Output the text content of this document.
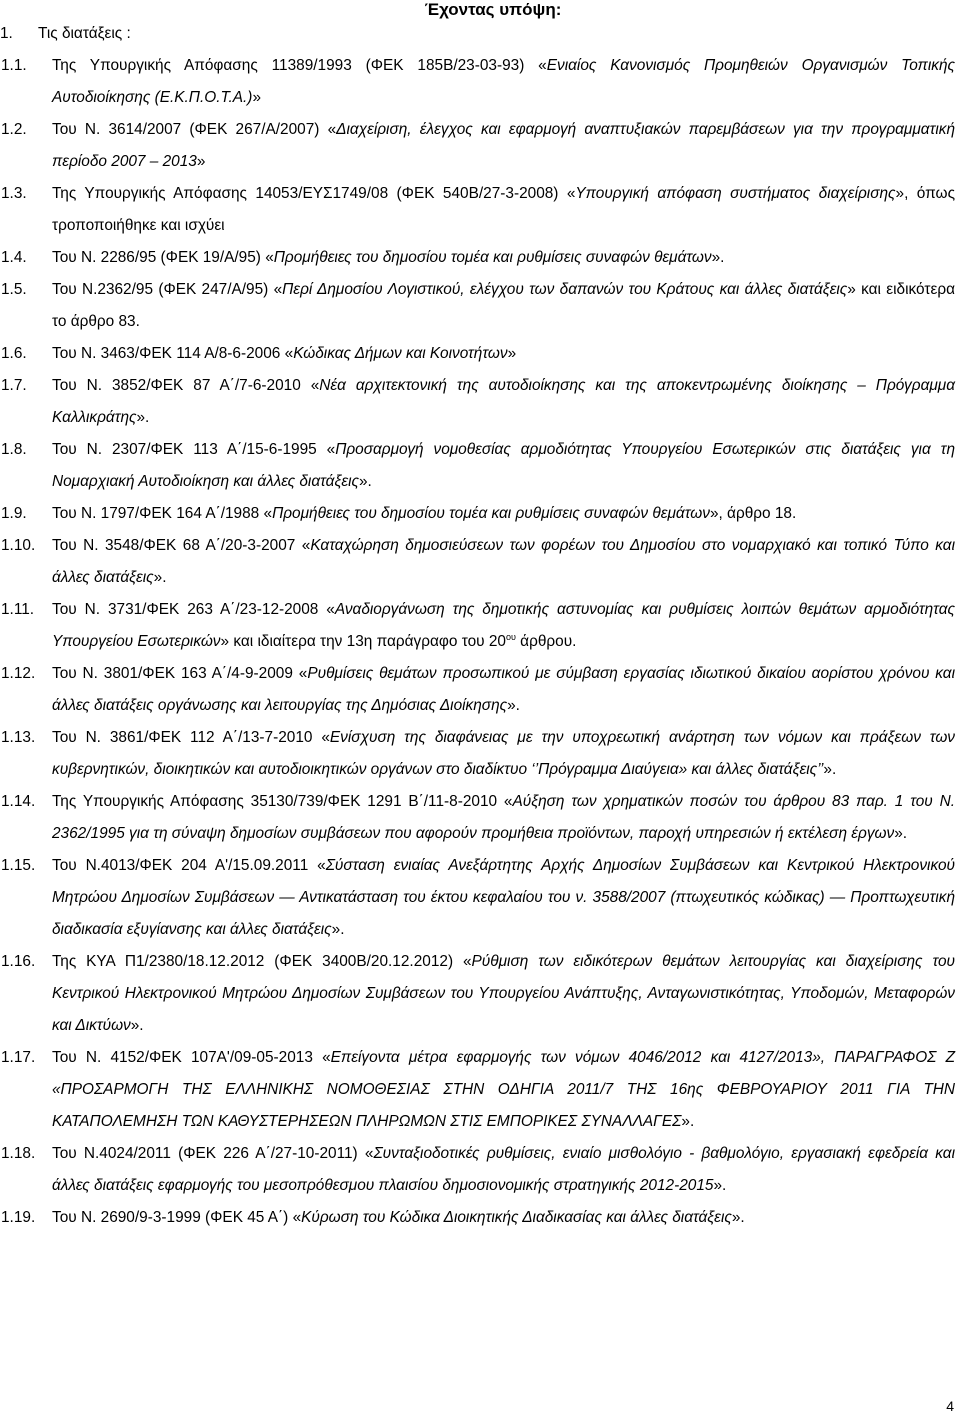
Έχοντας υπόψη:
1. Τις διατάξεις :
1.1. Της Υπουργικής Απόφασης 11389/1993 (ΦΕΚ 185Β/23-03-93) «Ενιαίος Κανονισμός Προμηθειών Οργανισμών Τοπικής Αυτοδιοίκησης (Ε.Κ.Π.Ο.Τ.Α.)»
1.2. Του Ν. 3614/2007 (ΦΕΚ 267/Α/2007) «Διαχείριση, έλεγχος και εφαρμογή αναπτυξιακών παρεμβάσεων για την προγραμματική περίοδο 2007 – 2013»
1.3. Της Υπουργικής Απόφασης 14053/ΕΥΣ1749/08 (ΦΕΚ 540Β/27-3-2008) «Υπουργική απόφαση συστήματος διαχείρισης», όπως τροποποιήθηκε και ισχύει
1.4. Του Ν. 2286/95 (ΦΕΚ 19/Α/95) «Προμήθειες του δημοσίου τομέα και ρυθμίσεις συναφών θεμάτων».
1.5. Του Ν.2362/95 (ΦΕΚ 247/Α/95) «Περί Δημοσίου Λογιστικού, ελέγχου των δαπανών του Κράτους και άλλες διατάξεις» και ειδικότερα το άρθρο 83.
1.6. Του Ν. 3463/ΦΕΚ 114 Α/8-6-2006 «Κώδικας Δήμων και Κοινοτήτων»
1.7. Του Ν. 3852/ΦΕΚ 87 Α΄/7-6-2010 «Νέα αρχιτεκτονική της αυτοδιοίκησης και της αποκεντρωμένης διοίκησης – Πρόγραμμα Καλλικράτης».
1.8. Του Ν. 2307/ΦΕΚ 113 Α΄/15-6-1995 «Προσαρμογή νομοθεσίας αρμοδιότητας Υπουργείου Εσωτερικών στις διατάξεις για τη Νομαρχιακή Αυτοδιοίκηση και άλλες διατάξεις».
1.9. Του Ν. 1797/ΦΕΚ 164 Α΄/1988 «Προμήθειες του δημοσίου τομέα και ρυθμίσεις συναφών θεμάτων», άρθρο 18.
1.10. Του Ν. 3548/ΦΕΚ 68 Α΄/20-3-2007 «Καταχώρηση δημοσιεύσεων των φορέων του Δημοσίου στο νομαρχιακό και τοπικό Τύπο και άλλες διατάξεις».
1.11. Του Ν. 3731/ΦΕΚ 263 Α΄/23-12-2008 «Αναδιοργάνωση της δημοτικής αστυνομίας και ρυθμίσεις λοιπών θεμάτων αρμοδιότητας Υπουργείου Εσωτερικών» και ιδιαίτερα την 13η παράγραφο του $20^{o\upsilon}$ άρθρου.
1.12. Του Ν. 3801/ΦΕΚ 163 Α΄/4-9-2009 «Ρυθμίσεις θεμάτων προσωπικού με σύμβαση εργασίας ιδιωτικού δικαίου αορίστου χρόνου και άλλες διατάξεις οργάνωσης και λειτουργίας της Δημόσιας Διοίκησης».
1.13. Του Ν. 3861/ΦΕΚ 112 Α΄/13-7-2010 «Ενίσχυση της διαφάνειας με την υποχρεωτική ανάρτηση των νόμων και πράξεων των κυβερνητικών, διοικητικών και αυτοδιοικητικών οργάνων στο διαδίκτυο ‘’Πρόγραμμα Διαύγεια» και άλλες διατάξεις’’».
1.14. Της Υπουργικής Απόφασης 35130/739/ΦΕΚ 1291 Β΄/11-8-2010 «Αύξηση των χρηματικών ποσών του άρθρου 83 παρ. 1 του Ν. 2362/1995 για τη σύναψη δημοσίων συμβάσεων που αφορούν προμήθεια προϊόντων, παροχή υπηρεσιών ή εκτέλεση έργων».
1.15. Του Ν.4013/ΦΕΚ 204 Α'/15.09.2011 «Σύσταση ενιαίας Ανεξάρτητης Αρχής Δημοσίων Συμβάσεων και Κεντρικού Ηλεκτρονικού Μητρώου Δημοσίων Συμβάσεων — Αντικατάσταση του έκτου κεφαλαίου του ν. 3588/2007 (πτωχευτικός κώδικας) — Προπτωχευτική διαδικασία εξυγίανσης και άλλες διατάξεις».
1.16. Της ΚΥΑ Π1/2380/18.12.2012 (ΦΕΚ 3400Β/20.12.2012) «Ρύθμιση των ειδικότερων θεμάτων λειτουργίας και διαχείρισης του Κεντρικού Ηλεκτρονικού Μητρώου Δημοσίων Συμβάσεων του Υπουργείου Ανάπτυξης, Ανταγωνιστικότητας, Υποδομών, Μεταφορών και Δικτύων».
1.17. Του Ν. 4152/ΦΕΚ 107Α'/09-05-2013 «Επείγοντα μέτρα εφαρμογής των νόμων 4046/2012 και 4127/2013», ΠΑΡΑΓΡΑΦΟΣ Ζ «ΠΡΟΣΑΡΜΟΓΗ ΤΗΣ ΕΛΛΗΝΙΚΗΣ ΝΟΜΟΘΕΣΙΑΣ ΣΤΗΝ ΟΔΗΓΙΑ 2011/7 ΤΗΣ 16ης ΦΕΒΡΟΥΑΡΙΟΥ 2011 ΓΙΑ ΤΗΝ ΚΑΤΑΠΟΛΕΜΗΣΗ ΤΩΝ ΚΑΘΥΣΤΕΡΗΣΕΩΝ ΠΛΗΡΩΜΩΝ ΣΤΙΣ ΕΜΠΟΡΙΚΕΣ ΣΥΝΑΛΛΑΓΕΣ».
1.18. Του Ν.4024/2011 (ΦΕΚ 226 Α΄/27-10-2011) «Συνταξιοδοτικές ρυθμίσεις, ενιαίο μισθολόγιο - βαθμολόγιο, εργασιακή εφεδρεία και άλλες διατάξεις εφαρμογής του μεσοπρόθεσμου πλαισίου δημοσιονομικής στρατηγικής 2012-2015».
1.19. Του Ν. 2690/9-3-1999 (ΦΕΚ 45 Α΄) «Κύρωση του Κώδικα Διοικητικής Διαδικασίας και άλλες διατάξεις».
4
